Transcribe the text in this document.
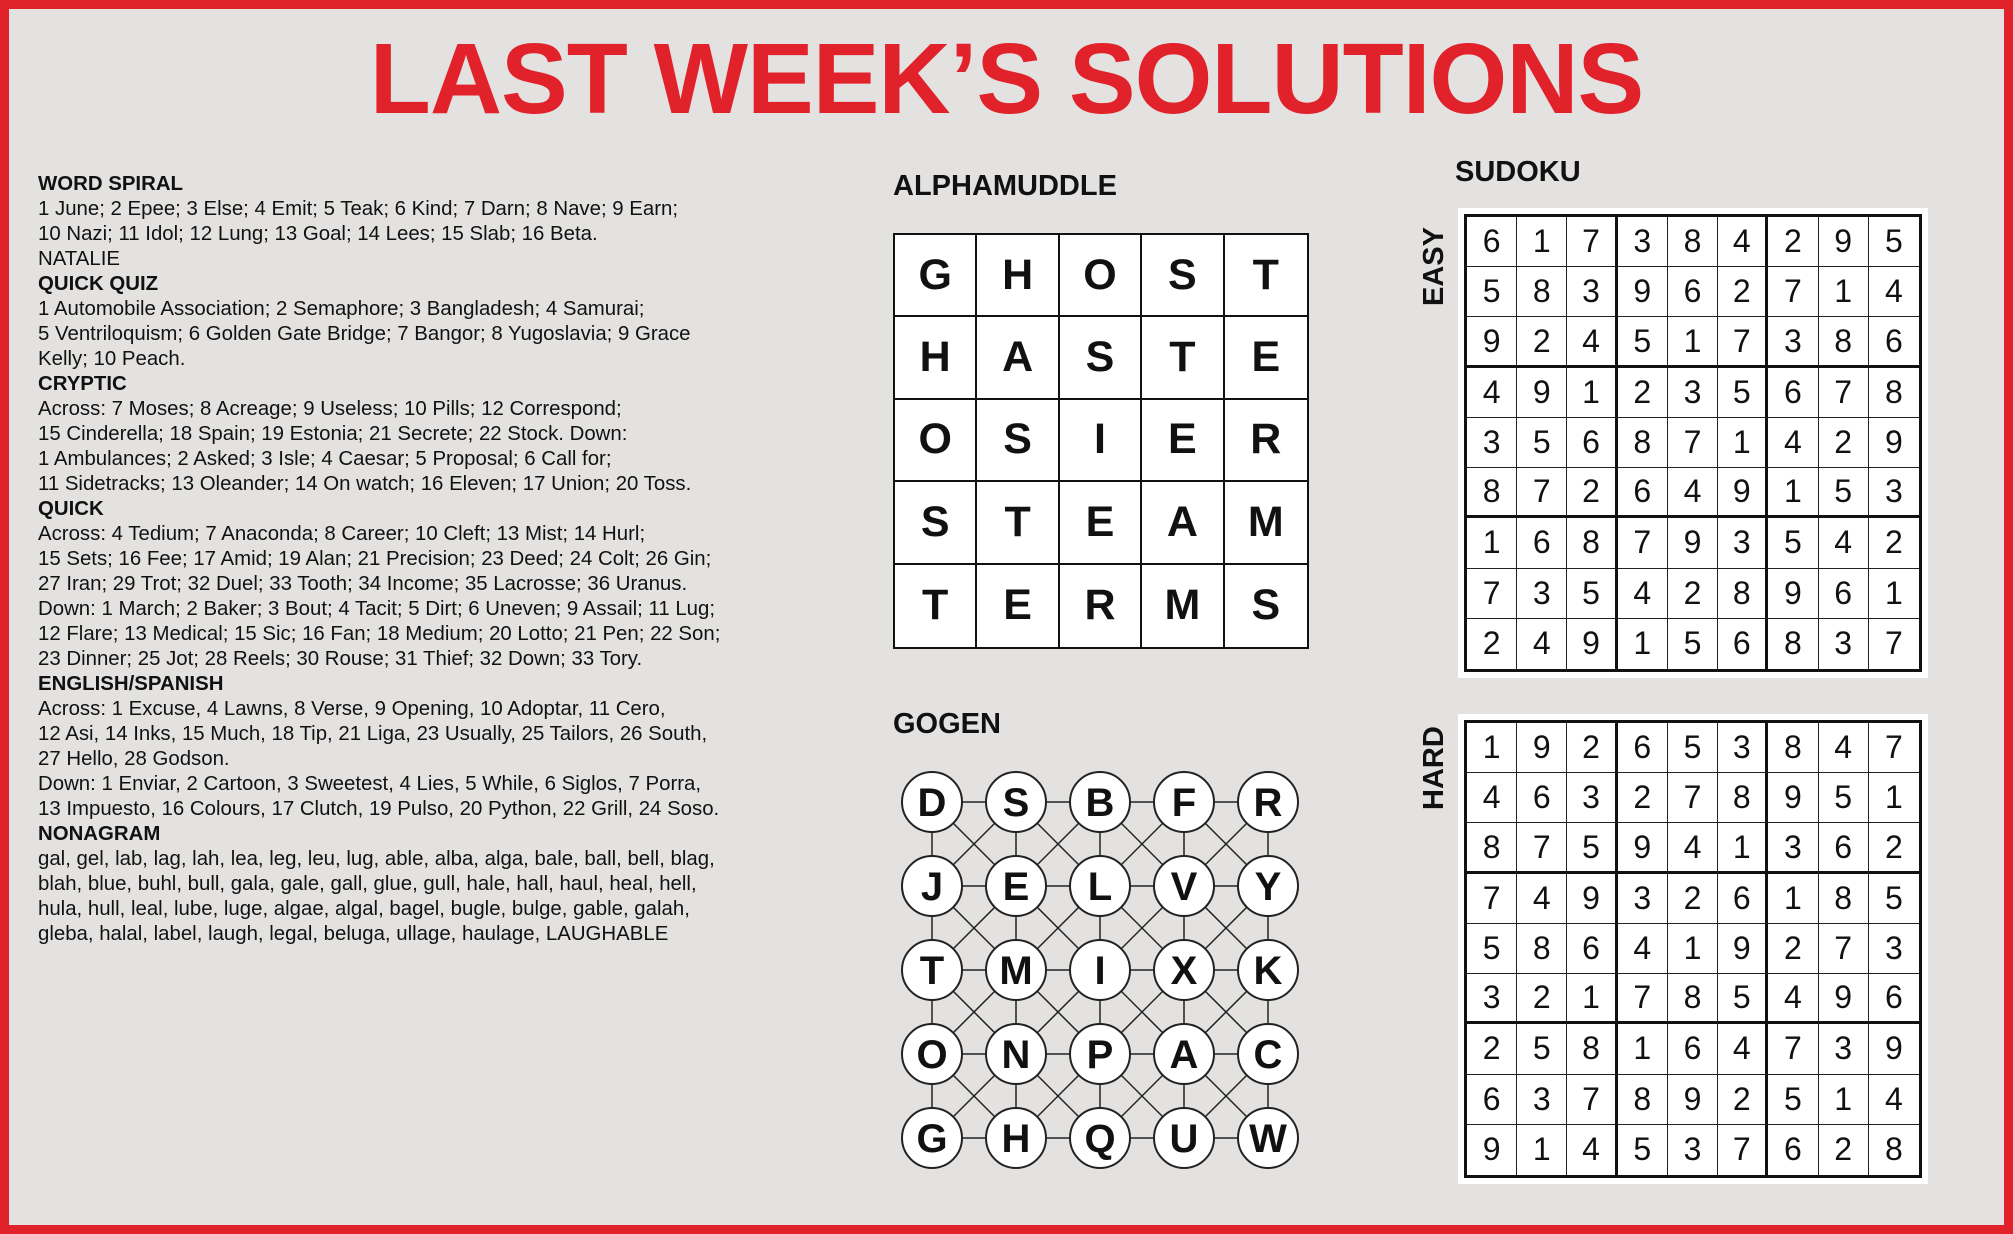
LAST WEEK’S SOLUTIONS
WORD SPIRAL
1 June; 2 Epee; 3 Else; 4 Emit; 5 Teak; 6 Kind; 7 Darn; 8 Nave; 9 Earn;
10 Nazi; 11 Idol; 12 Lung; 13 Goal; 14 Lees; 15 Slab; 16 Beta.
NATALIE
QUICK QUIZ
1 Automobile Association; 2 Semaphore; 3 Bangladesh; 4 Samurai;
5 Ventriloquism; 6 Golden Gate Bridge; 7 Bangor; 8 Yugoslavia; 9 Grace
Kelly; 10 Peach.
CRYPTIC
Across: 7 Moses; 8 Acreage; 9 Useless; 10 Pills; 12 Correspond;
15 Cinderella; 18 Spain; 19 Estonia; 21 Secrete; 22 Stock. Down:
1 Ambulances; 2 Asked; 3 Isle; 4 Caesar; 5 Proposal; 6 Call for;
11 Sidetracks; 13 Oleander; 14 On watch; 16 Eleven; 17 Union; 20 Toss.
QUICK
Across: 4 Tedium; 7 Anaconda; 8 Career; 10 Cleft; 13 Mist; 14 Hurl;
15 Sets; 16 Fee; 17 Amid; 19 Alan; 21 Precision; 23 Deed; 24 Colt; 26 Gin;
27 Iran; 29 Trot; 32 Duel; 33 Tooth; 34 Income; 35 Lacrosse; 36 Uranus.
Down: 1 March; 2 Baker; 3 Bout; 4 Tacit; 5 Dirt; 6 Uneven; 9 Assail; 11 Lug;
12 Flare; 13 Medical; 15 Sic; 16 Fan; 18 Medium; 20 Lotto; 21 Pen; 22 Son;
23 Dinner; 25 Jot; 28 Reels; 30 Rouse; 31 Thief; 32 Down; 33 Tory.
ENGLISH/SPANISH
Across: 1 Excuse, 4 Lawns, 8 Verse, 9 Opening, 10 Adoptar, 11 Cero,
12 Asi, 14 Inks, 15 Much, 18 Tip, 21 Liga, 23 Usually, 25 Tailors, 26 South,
27 Hello, 28 Godson.
Down: 1 Enviar, 2 Cartoon, 3 Sweetest, 4 Lies, 5 While, 6 Siglos, 7 Porra,
13 Impuesto, 16 Colours, 17 Clutch, 19 Pulso, 20 Python, 22 Grill, 24 Soso.
NONAGRAM
gal, gel, lab, lag, lah, lea, leg, leu, lug, able, alba, alga, bale, ball, bell, blag,
blah, blue, buhl, bull, gala, gale, gall, glue, gull, hale, hall, haul, heal, hell,
hula, hull, leal, lube, luge, algae, algal, bagel, bugle, bulge, gable, galah,
gleba, halal, label, laugh, legal, beluga, ullage, haulage, LAUGHABLE
ALPHAMUDDLE
G	H	O	S	T
H	A	S	T	E
O	S	I	E	R
S	T	E	A	M
T	E	R	M	S
GOGEN
D S B F R
J E L V Y
T M I X K
O N P A C
G H Q U W
SUDOKU
EASY	6	1 7	3	8 4	2	9	5
5	8 3	9	6 2	7	1	4
9	2 4	5	1 7	3	8	6
4	9 1	2	3 5	6	7	8
3	5 6	8	7 1	4	2	9
8	7 2	6	4 9	1	5	3
1	6 8	7	9 3	5	4	2
7	3 5	4	2 8	9	6	1
2	4 9	1	5 6	8	3	7
HARD	1	9 2	6	5 3	8	4	7
4	6 3	2	7 8	9	5	1
8	7 5	9	4 1	3	6	2
7	4 9	3	2 6	1	8	5
5	8 6	4	1 9	2	7	3
3	2 1	7	8 5	4	9	6
2	5 8	1	6 4	7	3	9
6	3 7	8	9 2	5	1	4
9	1 4	5	3 7	6	2	8
